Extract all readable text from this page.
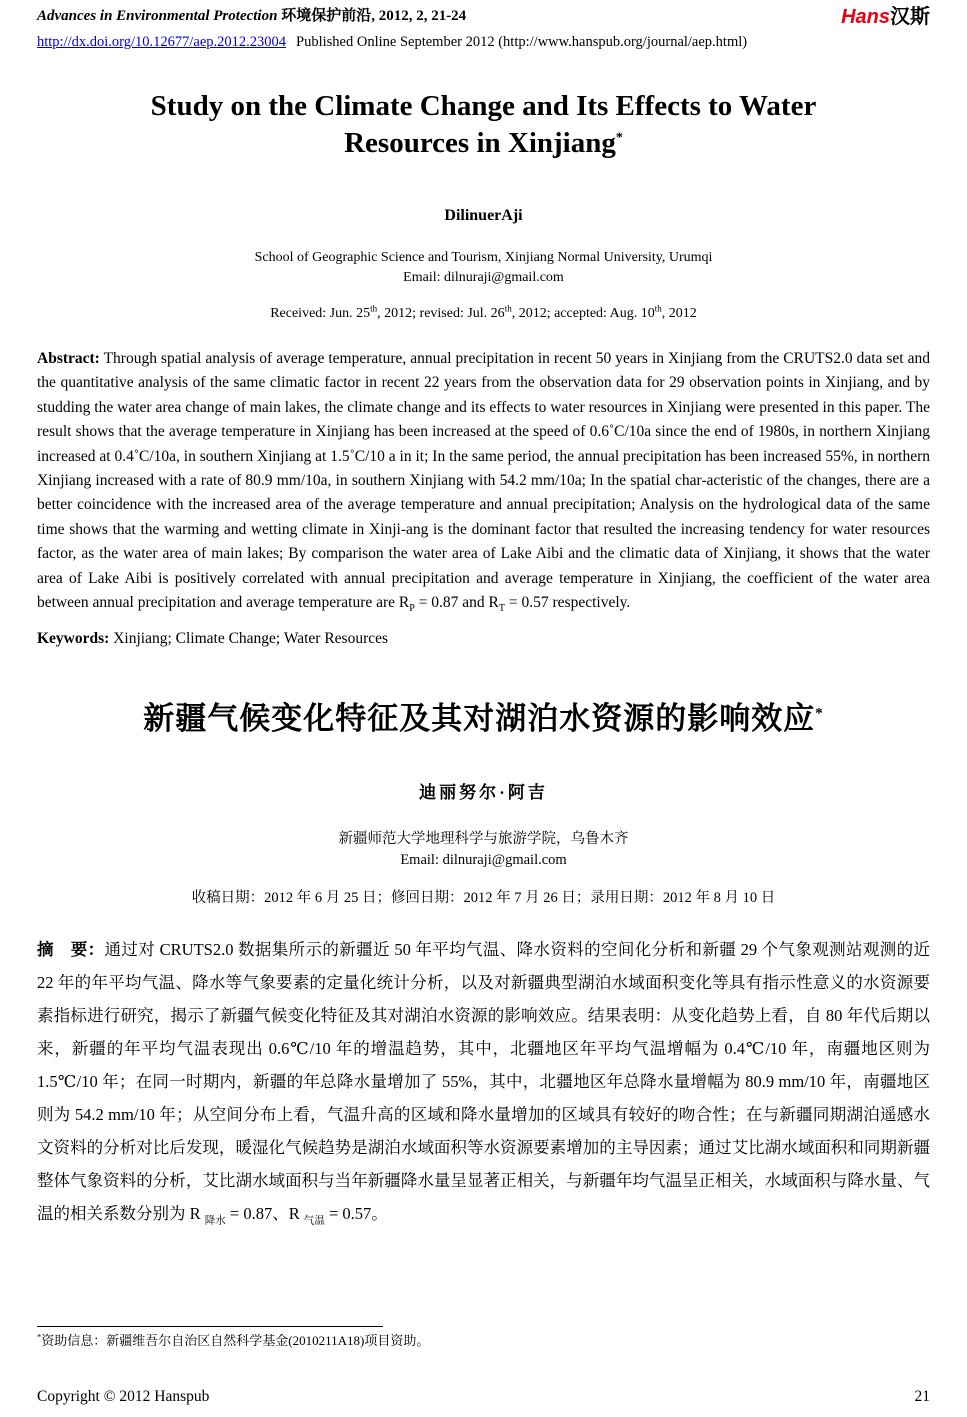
Advances in Environmental Protection 环境保护前沿, 2012, 2, 21-24	Hans汉斯
http://dx.doi.org/10.12677/aep.2012.23004 Published Online September 2012 (http://www.hanspub.org/journal/aep.html)
Study on the Climate Change and Its Effects to Water
Resources in Xinjiang*
DilinuerAji
School of Geographic Science and Tourism, Xinjiang Normal University, Urumqi
Email: dilnuraji@gmail.com
Received: Jun. 25th, 2012; revised: Jul. 26th, 2012; accepted: Aug. 10th, 2012

Abstract: Through spatial analysis of average temperature, annual precipitation in recent 50 years in Xinjiang from the CRUTS2.0 data set and the quantitative analysis of the same climatic factor in recent 22 years from the observation data for 29 observation points in Xinjiang, and by studding the water area change of main lakes, the climate change and its effects to water resources in Xinjiang were presented in this paper. The result shows that the average temperature in Xinjiang has been increased at the speed of 0.6˚C/10a since the end of 1980s, in northern Xinjiang increased at 0.4˚C/10a, in southern Xinjiang at 1.5˚C/10 a in it; In the same period, the annual precipitation has been increased 55%, in northern Xinjiang increased with a rate of 80.9 mm/10a, in southern Xinjiang with 54.2 mm/10a; In the spatial char-acteristic of the changes, there are a better coincidence with the increased area of the average temperature and annual precipitation; Analysis on the hydrological data of the same time shows that the warming and wetting climate in Xinji-ang is the dominant factor that resulted the increasing tendency for water resources factor, as the water area of main lakes; By comparison the water area of Lake Aibi and the climatic data of Xinjiang, it shows that the water area of Lake Aibi is positively correlated with annual precipitation and average temperature in Xinjiang, the coefficient of the water area between annual precipitation and average temperature are $R_P = 0.87$ and $R_T = 0.57$ respectively.

Keywords: Xinjiang; Climate Change; Water Resources

新疆气候变化特征及其对湖泊水资源的影响效应*
迪丽努尔·阿吉
新疆师范大学地理科学与旅游学院，乌鲁木齐
Email: dilnuraji@gmail.com
收稿日期：2012 年 6 月 25 日；修回日期：2012 年 7 月 26 日；录用日期：2012 年 8 月 10 日

摘　要：通过对 CRUTS2.0 数据集所示的新疆近 50 年平均气温、降水资料的空间化分析和新疆 29 个气象观测站观测的近 22 年的年平均气温、降水等气象要素的定量化统计分析，以及对新疆典型湖泊水域面积变化等具有指示性意义的水资源要素指标进行研究，揭示了新疆气候变化特征及其对湖泊水资源的影响效应。结果表明：从变化趋势上看，自 80 年代后期以来，新疆的年平均气温表现出 0.6℃/10 年的增温趋势，其中，北疆地区年平均气温增幅为 0.4℃/10 年，南疆地区则为 1.5℃/10 年；在同一时期内，新疆的年总降水量增加了 55%，其中，北疆地区年总降水量增幅为 80.9 mm/10 年，南疆地区则为 54.2 mm/10 年；从空间分布上看，气温升高的区域和降水量增加的区域具有较好的吻合性；在与新疆同期湖泊遥感水文资料的分析对比后发现，暖湿化气候趋势是湖泊水域面积等水资源要素增加的主导因素；通过艾比湖水域面积和同期新疆整体气象资料的分析，艾比湖水域面积与当年新疆降水量呈显著正相关，与新疆年均气温呈正相关，水域面积与降水量、气温的相关系数分别为 R $_{降水}$ = 0.87、R $_{气温}$ = 0.57。

*资助信息：新疆维吾尔自治区自然科学基金(2010211A18)项目资助。
Copyright © 2012 Hanspub	21
